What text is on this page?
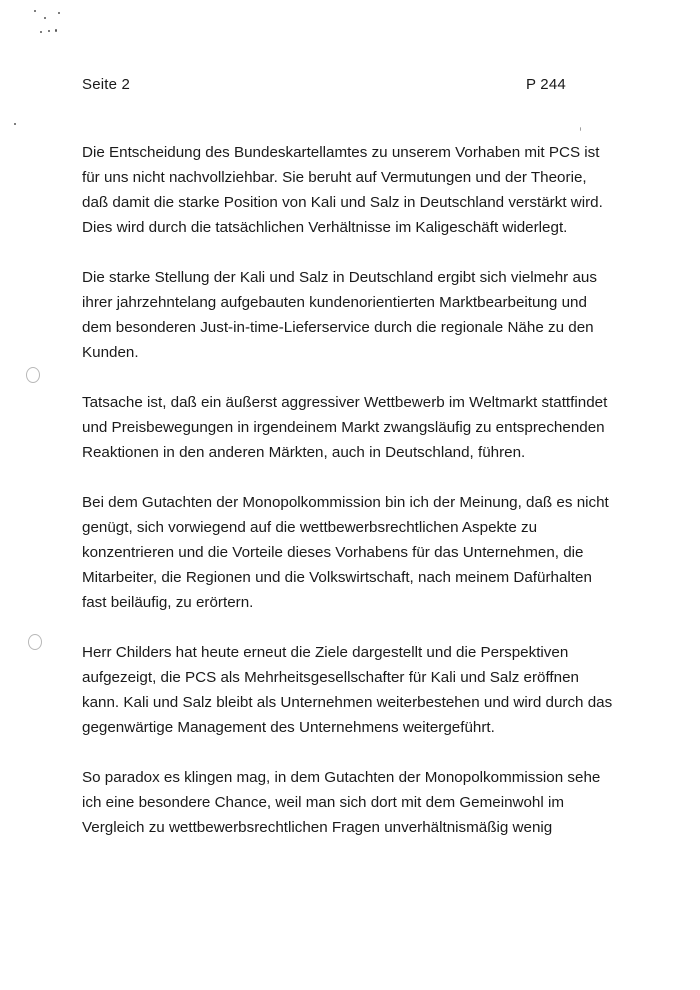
Seite 2	P 244
Die Entscheidung des Bundeskartellamtes zu unserem Vorhaben mit PCS ist
für uns nicht nachvollziehbar. Sie beruht auf Vermutungen und der Theorie,
daß damit die starke Position von Kali und Salz in Deutschland verstärkt wird.
Dies wird durch die tatsächlichen Verhältnisse im Kaligeschäft widerlegt.
Die starke Stellung der Kali und Salz in Deutschland ergibt sich vielmehr aus
ihrer jahrzehntelang aufgebauten kundenorientierten Marktbearbeitung und
dem besonderen Just-in-time-Lieferservice durch die regionale Nähe zu den
Kunden.
Tatsache ist, daß ein äußerst aggressiver Wettbewerb im Weltmarkt stattfindet
und Preisbewegungen in irgendeinem Markt zwangsläufig zu entsprechenden
Reaktionen in den anderen Märkten, auch in Deutschland, führen.
Bei dem Gutachten der Monopolkommission bin ich der Meinung, daß es nicht
genügt, sich vorwiegend auf die wettbewerbsrechtlichen Aspekte zu
konzentrieren und die Vorteile dieses Vorhabens für das Unternehmen, die
Mitarbeiter, die Regionen und die Volkswirtschaft, nach meinem Dafürhalten
fast beiläufig, zu erörtern.
Herr Childers hat heute erneut die Ziele dargestellt und die Perspektiven
aufgezeigt, die PCS als Mehrheitsgesellschafter für Kali und Salz eröffnen
kann. Kali und Salz bleibt als Unternehmen weiterbestehen und wird durch das
gegenwärtige Management des Unternehmens weitergeführt.
So paradox es klingen mag, in dem Gutachten der Monopolkommission sehe
ich eine besondere Chance, weil man sich dort mit dem Gemeinwohl im
Vergleich zu wettbewerbsrechtlichen Fragen unverhältnismäßig wenig
